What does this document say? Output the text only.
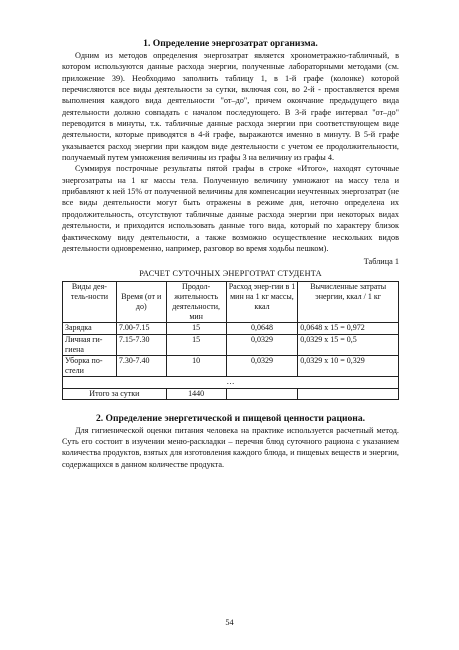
1. Определение энергозатрат организма.

Одним из методов определения энергозатрат является хронометражно-табличный, в котором используются данные расхода энергии, полученные лабораторными методами (см. приложение 39). Необходимо заполнить таблицу 1, в 1-й графе (колонке) которой перечисляются все виды деятельности за сутки, включая сон, во 2-й - проставляется время выполнения каждого вида деятельности "от–до", причем окончание предыдущего вида деятельности должно совпадать с началом последующего. В 3-й графе интервал "от–до" переводится в минуты, т.к. табличные данные расхода энергии при соответствующем виде деятельности, которые приводятся в 4-й графе, выражаются именно в минуту. В 5-й графе указывается расход энергии при каждом виде деятельности с учетом ее продолжительности, получаемый путем умножения величины из графы 3 на величину из графы 4.

Суммируя построчные результаты пятой графы в строке «Итого», находят суточные энергозатраты на 1 кг массы тела. Полученную величину умножают на массу тела и прибавляют к ней 15% от полученной величины для компенсации неучтенных энергозатрат (не все виды деятельности могут быть отражены в режиме дня, неточно определена их продолжительность, отсутствуют табличные данные расхода энергии при некоторых видах деятельности, и приходится использовать данные того вида, который по характеру близок фактическому виду деятельности, а также возможно осуществление нескольких видов деятельности одновременно, например, разговор во время ходьбы пешком).

Таблица 1

РАСЧЕТ СУТОЧНЫХ ЭНЕРГОТРАТ СТУДЕНТА

Виды дея-тель-ности	Время (от и до)	Продол-жительность деятельности, мин	Расход энер-гии в 1 мин на 1 кг массы, ккал	Вычисленные затраты энергии, ккал / 1 кг
Зарядка	7.00-7.15	15	0,0648	0,0648 x 15 = 0,972
Личная ги-гиена	7.15-7.30	15	0,0329	0,0329 x 15 = 0,5
Уборка по-стели	7.30-7.40	10	0,0329	0,0329 x 10 = 0,329
…				
Итого за сутки		1440		

2. Определение энергетической и пищевой ценности рациона.

Для гигиенической оценки питания человека на практике используется расчетный метод. Суть его состоит в изучении меню-раскладки – перечня блюд суточного рациона с указанием количества продуктов, взятых для изготовления каждого блюда, и пищевых веществ и энергии, содержащихся в данном количестве продукта.

54
